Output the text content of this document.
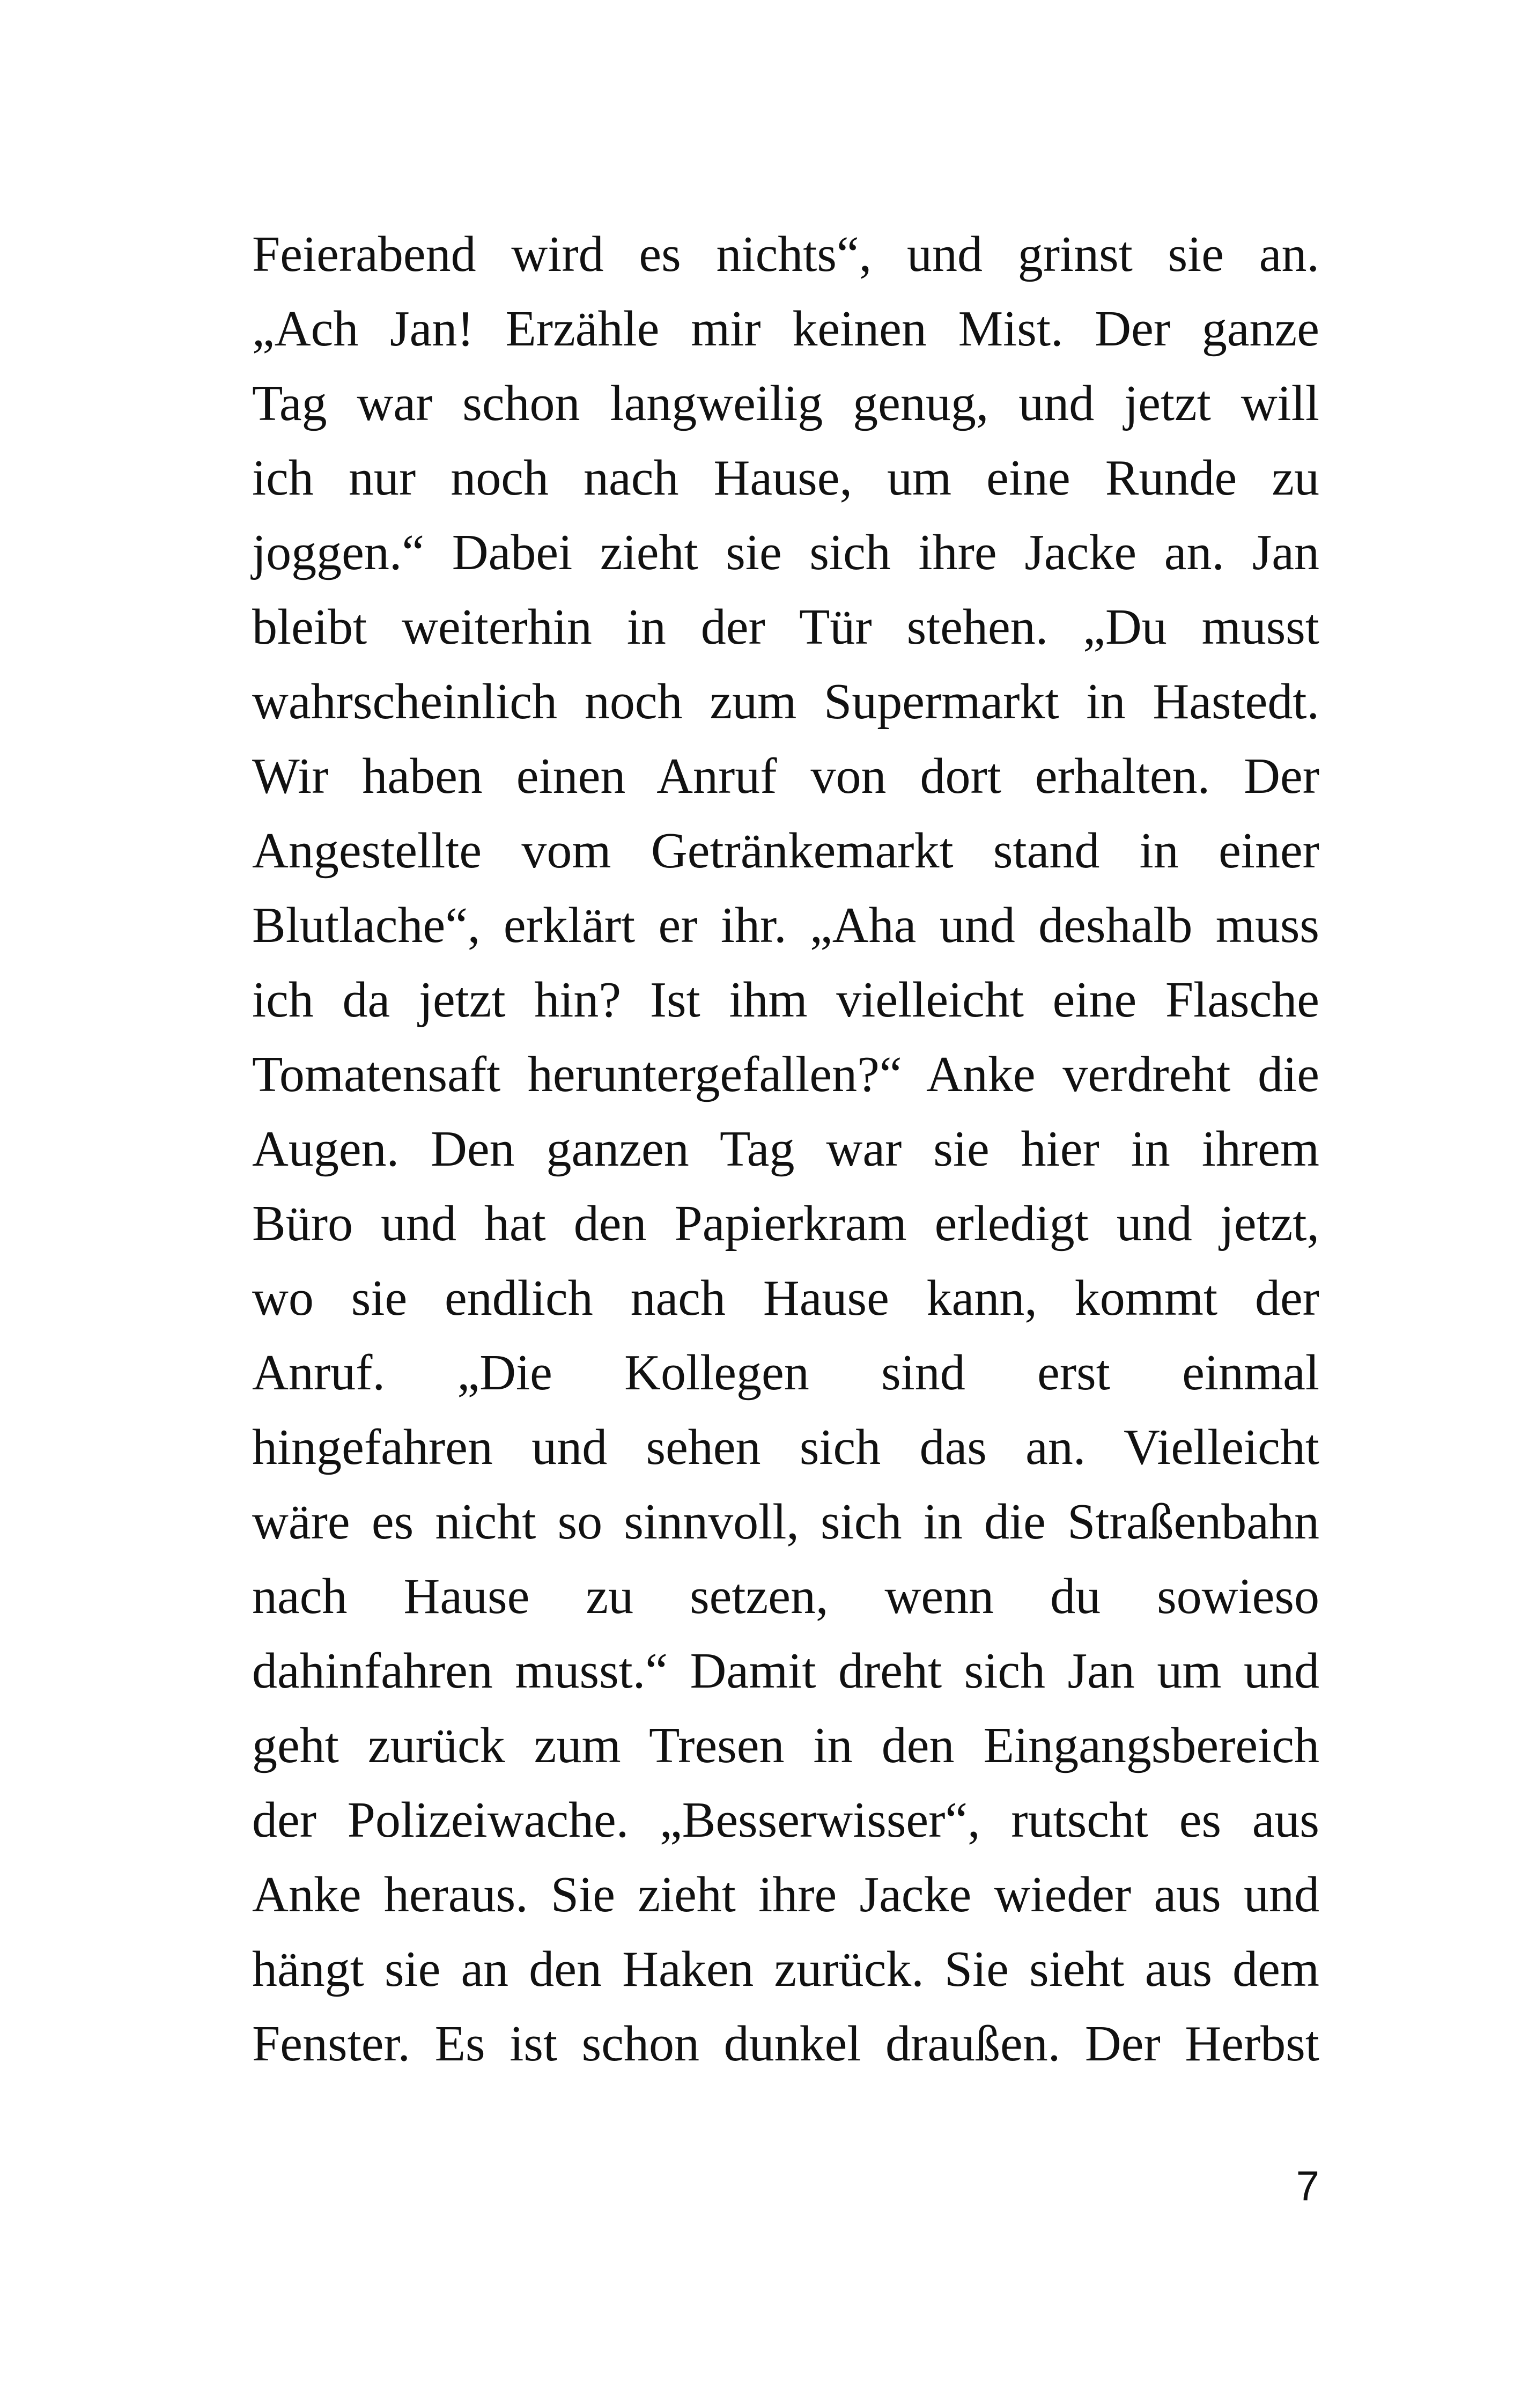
Feierabend wird es nichts“, und grinst sie an.
„Ach Jan! Erzähle mir keinen Mist. Der ganze
Tag war schon langweilig genug, und jetzt will
ich nur noch nach Hause, um eine Runde zu
joggen.“ Dabei zieht sie sich ihre Jacke an. Jan
bleibt weiterhin in der Tür stehen. „Du musst
wahrscheinlich noch zum Supermarkt in Hastedt.
Wir haben einen Anruf von dort erhalten. Der
Angestellte vom Getränkemarkt stand in einer
Blutlache“, erklärt er ihr. „Aha und deshalb muss
ich da jetzt hin? Ist ihm vielleicht eine Flasche
Tomatensaft heruntergefallen?“ Anke verdreht die
Augen. Den ganzen Tag war sie hier in ihrem
Büro und hat den Papierkram erledigt und jetzt,
wo sie endlich nach Hause kann, kommt der
Anruf. „Die Kollegen sind erst einmal
hingefahren und sehen sich das an. Vielleicht
wäre es nicht so sinnvoll, sich in die Straßenbahn
nach Hause zu setzen, wenn du sowieso
dahinfahren musst.“ Damit dreht sich Jan um und
geht zurück zum Tresen in den Eingangsbereich
der Polizeiwache. „Besserwisser“, rutscht es aus
Anke heraus. Sie zieht ihre Jacke wieder aus und
hängt sie an den Haken zurück. Sie sieht aus dem
Fenster. Es ist schon dunkel draußen. Der Herbst
7
